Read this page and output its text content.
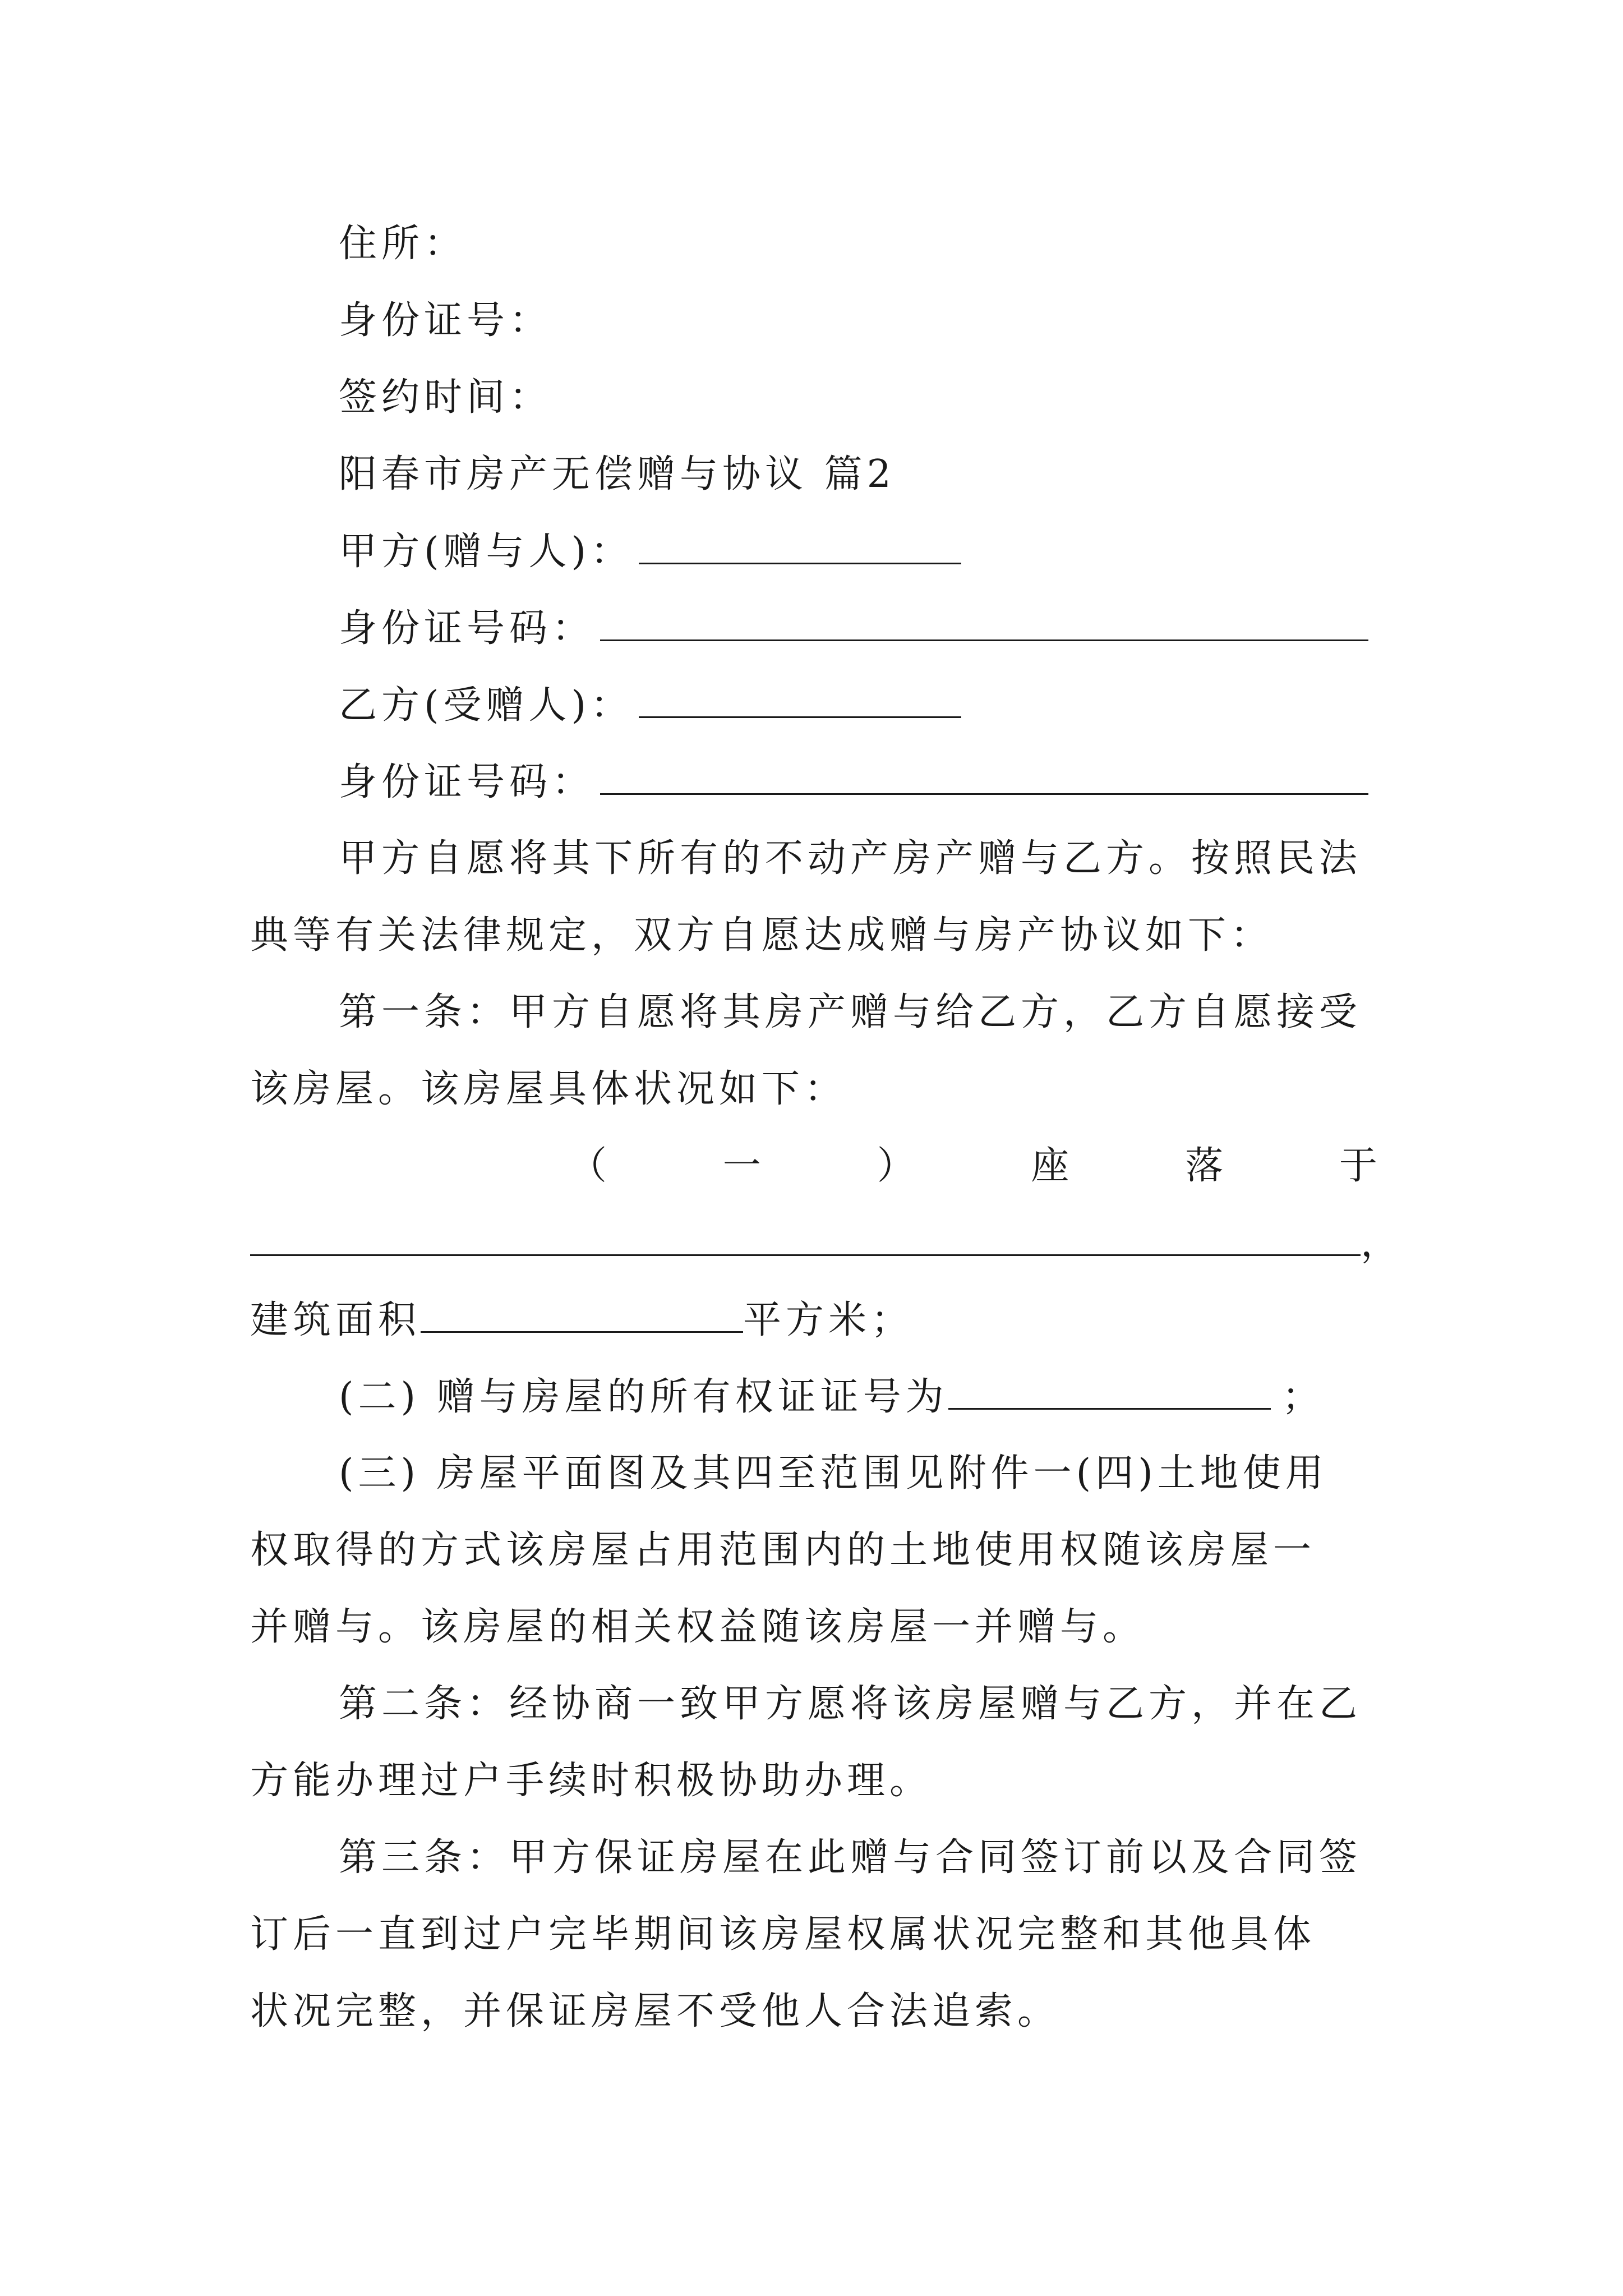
住所：
身份证号：
签约时间：
阳春市房产无偿赠与协议 篇2
甲方(赠与人)：
身份证号码：
乙方(受赠人)：
身份证号码：
甲方自愿将其下所有的不动产房产赠与乙方。按照民法
典等有关法律规定，双方自愿达成赠与房产协议如下：
第一条：甲方自愿将其房产赠与给乙方，乙方自愿接受
该房屋。该房屋具体状况如下：
（	一	）	座	落	于
，
建筑面积	平方米；
(二) 赠与房屋的所有权证证号为	；
(三) 房屋平面图及其四至范围见附件一(四)土地使用
权取得的方式该房屋占用范围内的土地使用权随该房屋一
并赠与。该房屋的相关权益随该房屋一并赠与。
第二条：经协商一致甲方愿将该房屋赠与乙方，并在乙
方能办理过户手续时积极协助办理。
第三条：甲方保证房屋在此赠与合同签订前以及合同签
订后一直到过户完毕期间该房屋权属状况完整和其他具体
状况完整，并保证房屋不受他人合法追索。
